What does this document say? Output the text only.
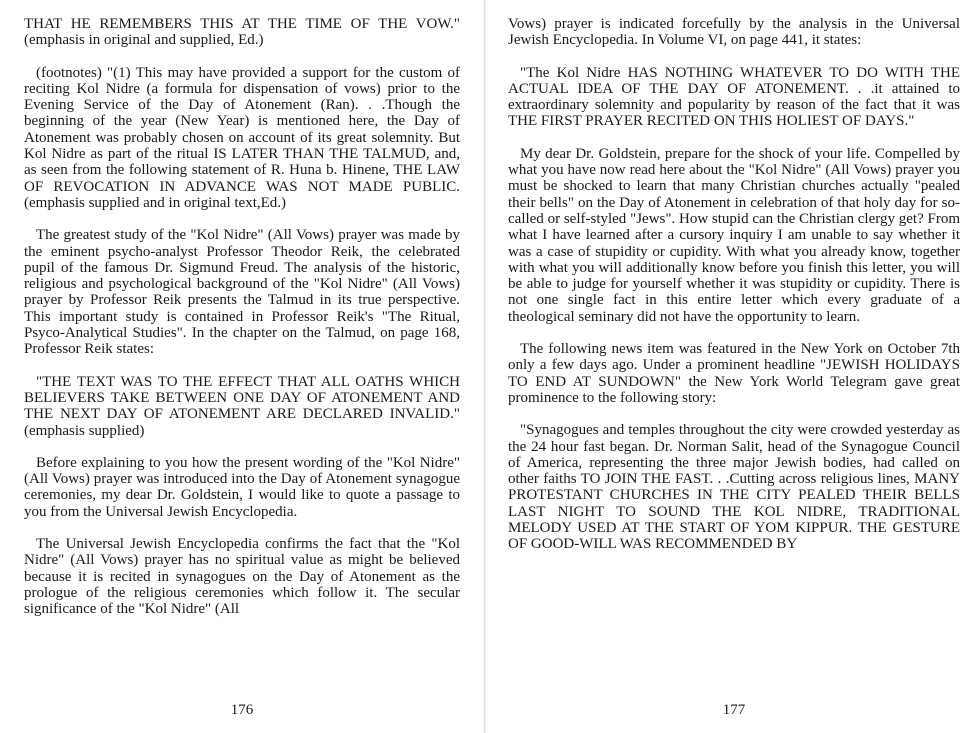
THAT HE REMEMBERS THIS AT THE TIME OF THE VOW." (emphasis in original and supplied, Ed.)

(footnotes) "(1) This may have provided a support for the custom of reciting Kol Nidre (a formula for dispensation of vows) prior to the Evening Service of the Day of Atonement (Ran). . .Though the beginning of the year (New Year) is mentioned here, the Day of Atonement was probably chosen on account of its great solemnity. But Kol Nidre as part of the ritual IS LATER THAN THE TALMUD, and, as seen from the following statement of R. Huna b. Hinene, THE LAW OF REVOCATION IN ADVANCE WAS NOT MADE PUBLIC. (emphasis supplied and in original text,Ed.)

The greatest study of the "Kol Nidre" (All Vows) prayer was made by the eminent psycho-analyst Professor Theodor Reik, the celebrated pupil of the famous Dr. Sigmund Freud. The analysis of the historic, religious and psychological background of the "Kol Nidre" (All Vows) prayer by Professor Reik presents the Talmud in its true perspective. This important study is contained in Professor Reik's "The Ritual, Psyco-Analytical Studies". In the chapter on the Talmud, on page 168, Professor Reik states:

"THE TEXT WAS TO THE EFFECT THAT ALL OATHS WHICH BELIEVERS TAKE BETWEEN ONE DAY OF ATONEMENT AND THE NEXT DAY OF ATONEMENT ARE DECLARED INVALID." (emphasis supplied)

Before explaining to you how the present wording of the "Kol Nidre" (All Vows) prayer was introduced into the Day of Atonement synagogue ceremonies, my dear Dr. Goldstein, I would like to quote a passage to you from the Universal Jewish Encyclopedia.

The Universal Jewish Encyclopedia confirms the fact that the "Kol Nidre" (All Vows) prayer has no spiritual value as might be believed because it is recited in synagogues on the Day of Atonement as the prologue of the religious ceremonies which follow it. The secular significance of the "Kol Nidre" (All

176

Vows) prayer is indicated forcefully by the analysis in the Universal Jewish Encyclopedia. In Volume VI, on page 441, it states:

"The Kol Nidre HAS NOTHING WHATEVER TO DO WITH THE ACTUAL IDEA OF THE DAY OF ATONEMENT. . .it attained to extraordinary solemnity and popularity by reason of the fact that it was THE FIRST PRAYER RECITED ON THIS HOLIEST OF DAYS."

My dear Dr. Goldstein, prepare for the shock of your life. Compelled by what you have now read here about the "Kol Nidre" (All Vows) prayer you must be shocked to learn that many Christian churches actually "pealed their bells" on the Day of Atonement in celebration of that holy day for so-called or self-styled "Jews". How stupid can the Christian clergy get? From what I have learned after a cursory inquiry I am unable to say whether it was a case of stupidity or cupidity. With what you already know, together with what you will additionally know before you finish this letter, you will be able to judge for yourself whether it was stupidity or cupidity. There is not one single fact in this entire letter which every graduate of a theological seminary did not have the opportunity to learn.

The following news item was featured in the New York on October 7th only a few days ago. Under a prominent headline "JEWISH HOLIDAYS TO END AT SUNDOWN" the New York World Telegram gave great prominence to the following story:

"Synagogues and temples throughout the city were crowded yesterday as the 24 hour fast began. Dr. Norman Salit, head of the Synagogue Council of America, representing the three major Jewish bodies, had called on other faiths TO JOIN THE FAST. . .Cutting across religious lines, MANY PROTESTANT CHURCHES IN THE CITY PEALED THEIR BELLS LAST NIGHT TO SOUND THE KOL NIDRE, TRADITIONAL MELODY USED AT THE START OF YOM KIPPUR. THE GESTURE OF GOOD-WILL WAS RECOMMENDED BY

177
